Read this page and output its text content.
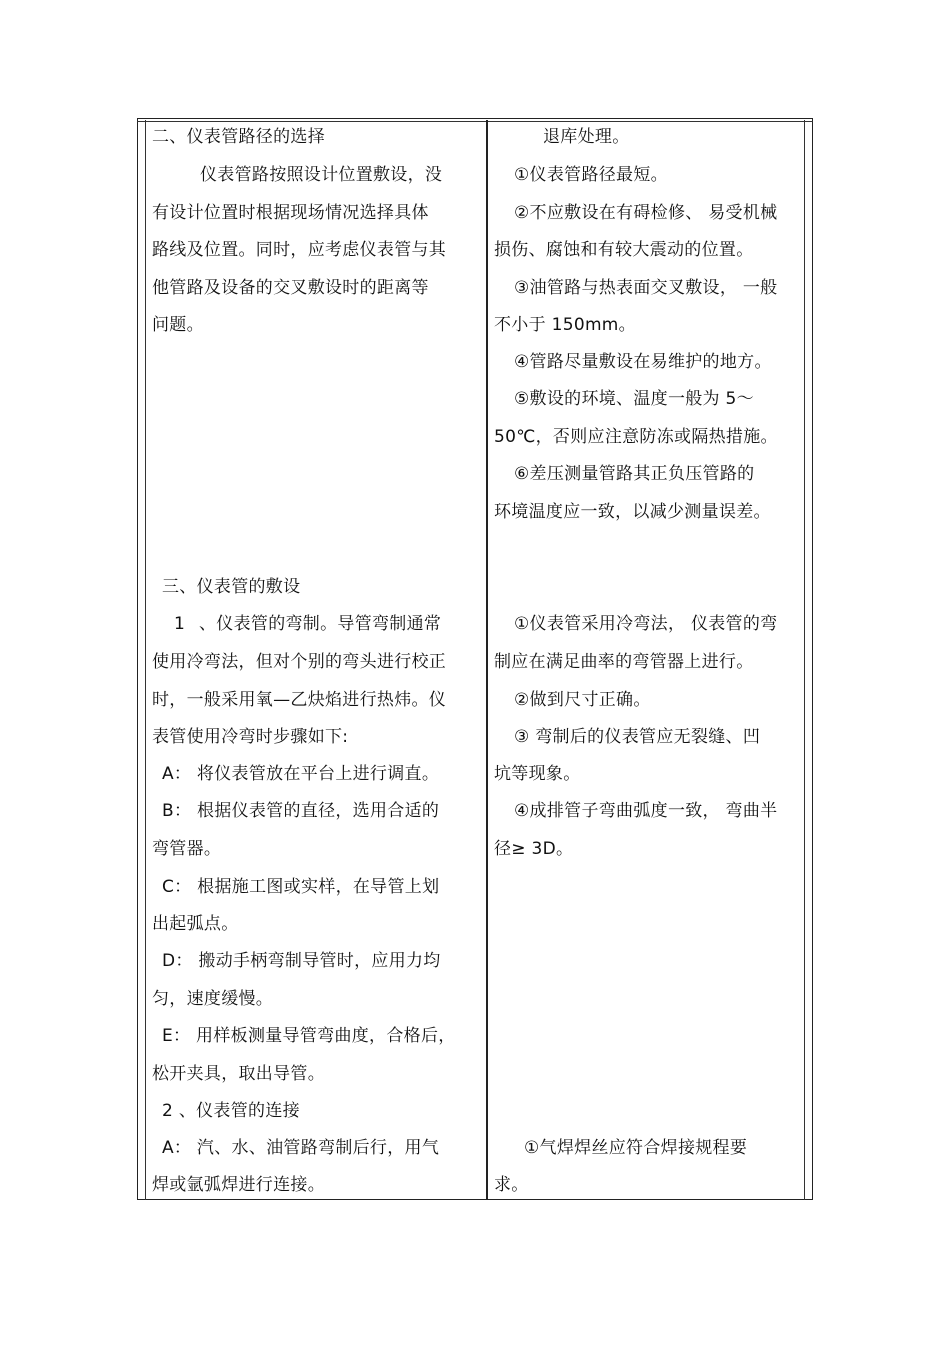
二、仪表管路径的选择
仪表管路按照设计位置敷设，没
有设计位置时根据现场情况选择具体
路线及位置。同时，应考虑仪表管与其
他管路及设备的交叉敷设时的距离等
问题。
三、仪表管的敷设
1 、仪表管的弯制。导管弯制通常
使用冷弯法，但对个别的弯头进行校正
时，一般采用氧—乙炔焰进行热炜。仪
表管使用冷弯时步骤如下:
A： 将仪表管放在平台上进行调直。
B： 根据仪表管的直径，选用合适的
弯管器。
C： 根据施工图或实样，在导管上划
出起弧点。
D： 搬动手柄弯制导管时，应用力均
匀，速度缓慢。
E： 用样板测量导管弯曲度，合格后，
松开夹具，取出导管。
2 、仪表管的连接
A： 汽、水、油管路弯制后行，用气
焊或氩弧焊进行连接。
退库处理。
①仪表管路径最短。
②不应敷设在有碍检修、 易受机械
损伤、腐蚀和有较大震动的位置。
③油管路与热表面交叉敷设， 一般
不小于 150mm。
④管路尽量敷设在易维护的地方。
⑤敷设的环境、温度一般为 5～
50℃，否则应注意防冻或隔热措施。
⑥差压测量管路其正负压管路的
环境温度应一致，以减少测量误差。
①仪表管采用冷弯法， 仪表管的弯
制应在满足曲率的弯管器上进行。
②做到尺寸正确。
③ 弯制后的仪表管应无裂缝、凹
坑等现象。
④成排管子弯曲弧度一致， 弯曲半
径≥ 3D。
①气焊焊丝应符合焊接规程要
求。
